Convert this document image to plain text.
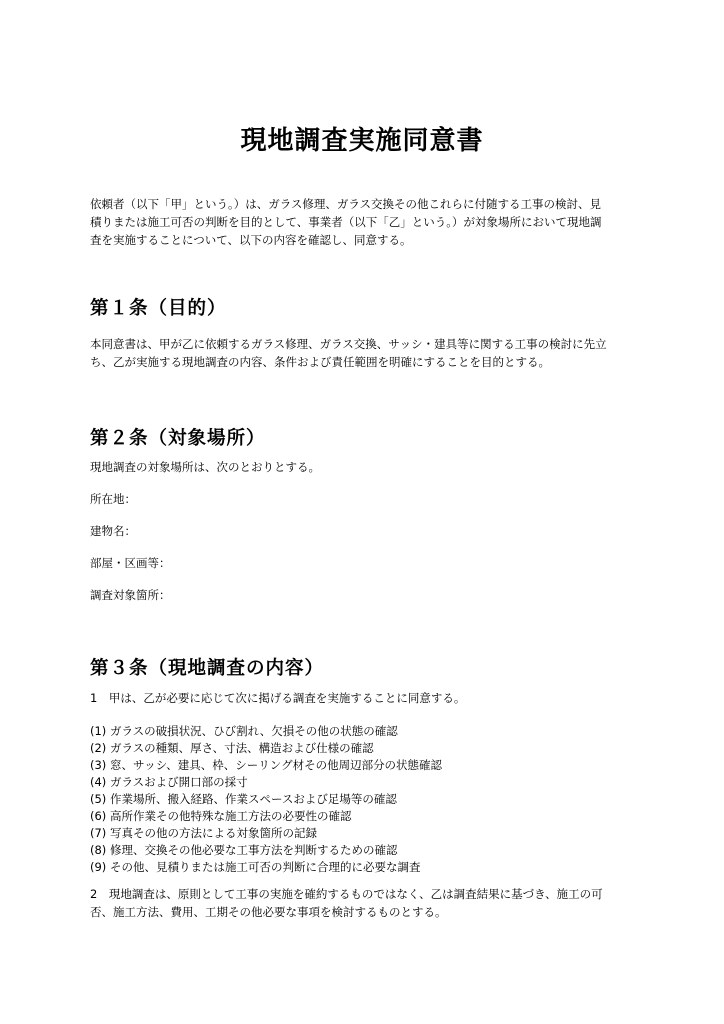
現地調査実施同意書

依頼者（以下「甲」という。）は、ガラス修理、ガラス交換その他これらに付随する工事の検討、見

積りまたは施工可否の判断を目的として、事業者（以下「乙」という。）が対象場所において現地調

査を実施することについて、以下の内容を確認し、同意する。

第１条（目的）

本同意書は、甲が乙に依頼するガラス修理、ガラス交換、サッシ・建具等に関する工事の検討に先立

ち、乙が実施する現地調査の内容、条件および責任範囲を明確にすることを目的とする。

第２条（対象場所）

現地調査の対象場所は、次のとおりとする。

所在地：

建物名：

部屋・区画等：

調査対象箇所：

第３条（現地調査の内容）

1　甲は、乙が必要に応じて次に掲げる調査を実施することに同意する。

(1) ガラスの破損状況、ひび割れ、欠損その他の状態の確認

(2) ガラスの種類、厚さ、寸法、構造および仕様の確認

(3) 窓、サッシ、建具、枠、シーリング材その他周辺部分の状態確認

(4) ガラスおよび開口部の採寸

(5) 作業場所、搬入経路、作業スペースおよび足場等の確認

(6) 高所作業その他特殊な施工方法の必要性の確認

(7) 写真その他の方法による対象箇所の記録

(8) 修理、交換その他必要な工事方法を判断するための確認

(9) その他、見積りまたは施工可否の判断に合理的に必要な調査

2　現地調査は、原則として工事の実施を確約するものではなく、乙は調査結果に基づき、施工の可

否、施工方法、費用、工期その他必要な事項を検討するものとする。
